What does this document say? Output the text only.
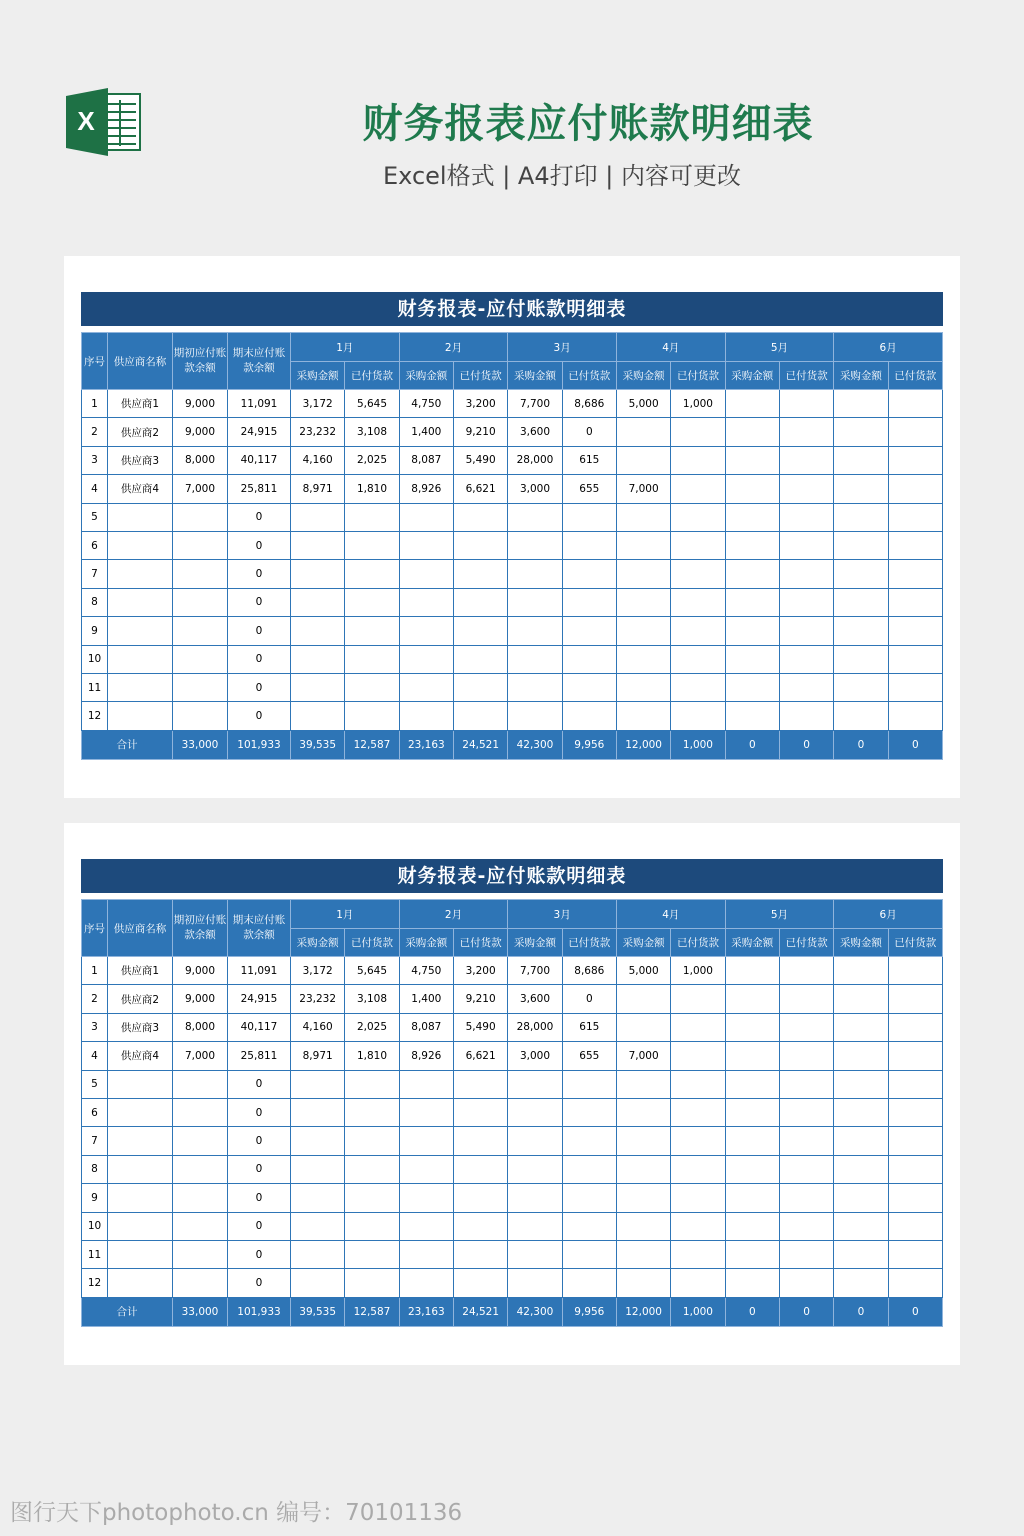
X	财务报表应付账款明细表
Excel格式 | A4打印 | 内容可更改
财务报表-应付账款明细表
序号	供应商名称	期初应付账款余额	期末应付账款余额	1月		2月		3月		4月		5月		6月	
				采购金额	已付货款	采购金额	已付货款	采购金额	已付货款	采购金额	已付货款	采购金额	已付货款	采购金额	已付货款
1	供应商1	9,000	11,091	3,172	5,645	4,750	3,200	7,700	8,686	5,000	1,000				
2	供应商2	9,000	24,915	23,232	3,108	1,400	9,210	3,600	0						
3	供应商3	8,000	40,117	4,160	2,025	8,087	5,490	28,000	615						
4	供应商4	7,000	25,811	8,971	1,810	8,926	6,621	3,000	655	7,000					
5			0												
6			0												
7			0												
8			0												
9			0												
10			0												
11			0												
12			0												
合计		33,000	101,933	39,535	12,587	23,163	24,521	42,300	9,956	12,000	1,000	0	0	0	0
财务报表-应付账款明细表
序号	供应商名称	期初应付账款余额	期末应付账款余额	1月		2月		3月		4月		5月		6月	
				采购金额	已付货款	采购金额	已付货款	采购金额	已付货款	采购金额	已付货款	采购金额	已付货款	采购金额	已付货款
1	供应商1	9,000	11,091	3,172	5,645	4,750	3,200	7,700	8,686	5,000	1,000				
2	供应商2	9,000	24,915	23,232	3,108	1,400	9,210	3,600	0						
3	供应商3	8,000	40,117	4,160	2,025	8,087	5,490	28,000	615						
4	供应商4	7,000	25,811	8,971	1,810	8,926	6,621	3,000	655	7,000					
5			0												
6			0												
7			0												
8			0												
9			0												
10			0												
11			0												
12			0												
合计		33,000	101,933	39,535	12,587	23,163	24,521	42,300	9,956	12,000	1,000	0	0	0	0
图行天下photophoto.cn 编号：70101136
